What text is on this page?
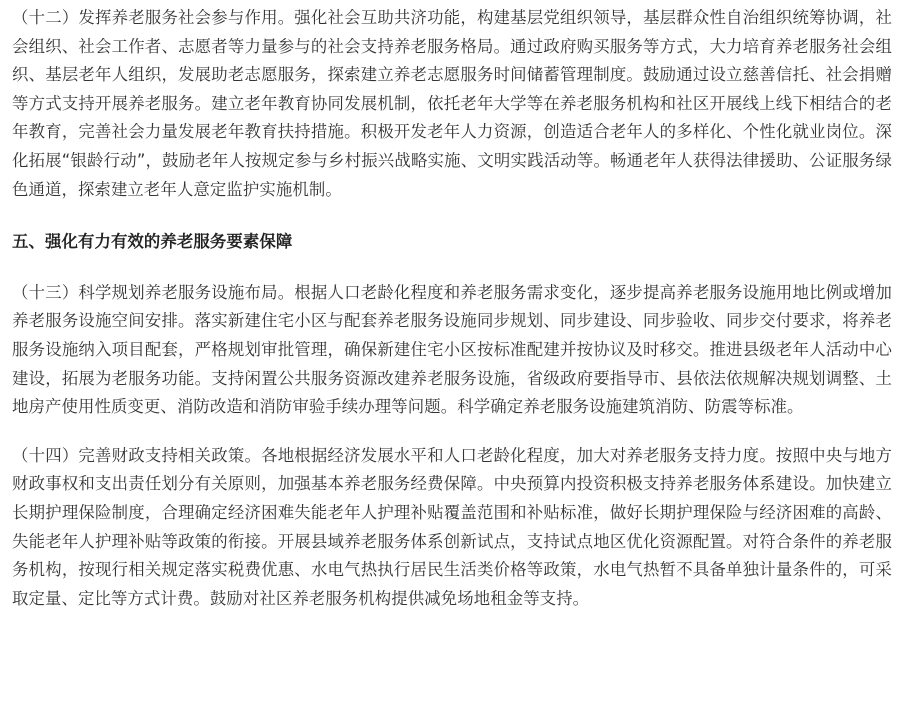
（十二）发挥养老服务社会参与作用。强化社会互助共济功能，构建基层党组织领导，基层群众性自治组织统筹协调，社会组织、社会工作者、志愿者等力量参与的社会支持养老服务格局。通过政府购买服务等方式，大力培育养老服务社会组织、基层老年人组织，发展助老志愿服务，探索建立养老志愿服务时间储蓄管理制度。鼓励通过设立慈善信托、社会捐赠等方式支持开展养老服务。建立老年教育协同发展机制，依托老年大学等在养老服务机构和社区开展线上线下相结合的老年教育，完善社会力量发展老年教育扶持措施。积极开发老年人力资源，创造适合老年人的多样化、个性化就业岗位。深化拓展“银龄行动”，鼓励老年人按规定参与乡村振兴战略实施、文明实践活动等。畅通老年人获得法律援助、公证服务绿色通道，探索建立老年人意定监护实施机制。

五、强化有力有效的养老服务要素保障

（十三）科学规划养老服务设施布局。根据人口老龄化程度和养老服务需求变化，逐步提高养老服务设施用地比例或增加养老服务设施空间安排。落实新建住宅小区与配套养老服务设施同步规划、同步建设、同步验收、同步交付要求，将养老服务设施纳入项目配套，严格规划审批管理，确保新建住宅小区按标准配建并按协议及时移交。推进县级老年人活动中心建设，拓展为老服务功能。支持闲置公共服务资源改建养老服务设施，省级政府要指导市、县依法依规解决规划调整、土地房产使用性质变更、消防改造和消防审验手续办理等问题。科学确定养老服务设施建筑消防、防震等标准。

（十四）完善财政支持相关政策。各地根据经济发展水平和人口老龄化程度，加大对养老服务支持力度。按照中央与地方财政事权和支出责任划分有关原则，加强基本养老服务经费保障。中央预算内投资积极支持养老服务体系建设。加快建立长期护理保险制度，合理确定经济困难失能老年人护理补贴覆盖范围和补贴标准，做好长期护理保险与经济困难的高龄、失能老年人护理补贴等政策的衔接。开展县域养老服务体系创新试点，支持试点地区优化资源配置。对符合条件的养老服务机构，按现行相关规定落实税费优惠、水电气热执行居民生活类价格等政策，水电气热暂不具备单独计量条件的，可采取定量、定比等方式计费。鼓励对社区养老服务机构提供减免场地租金等支持。
